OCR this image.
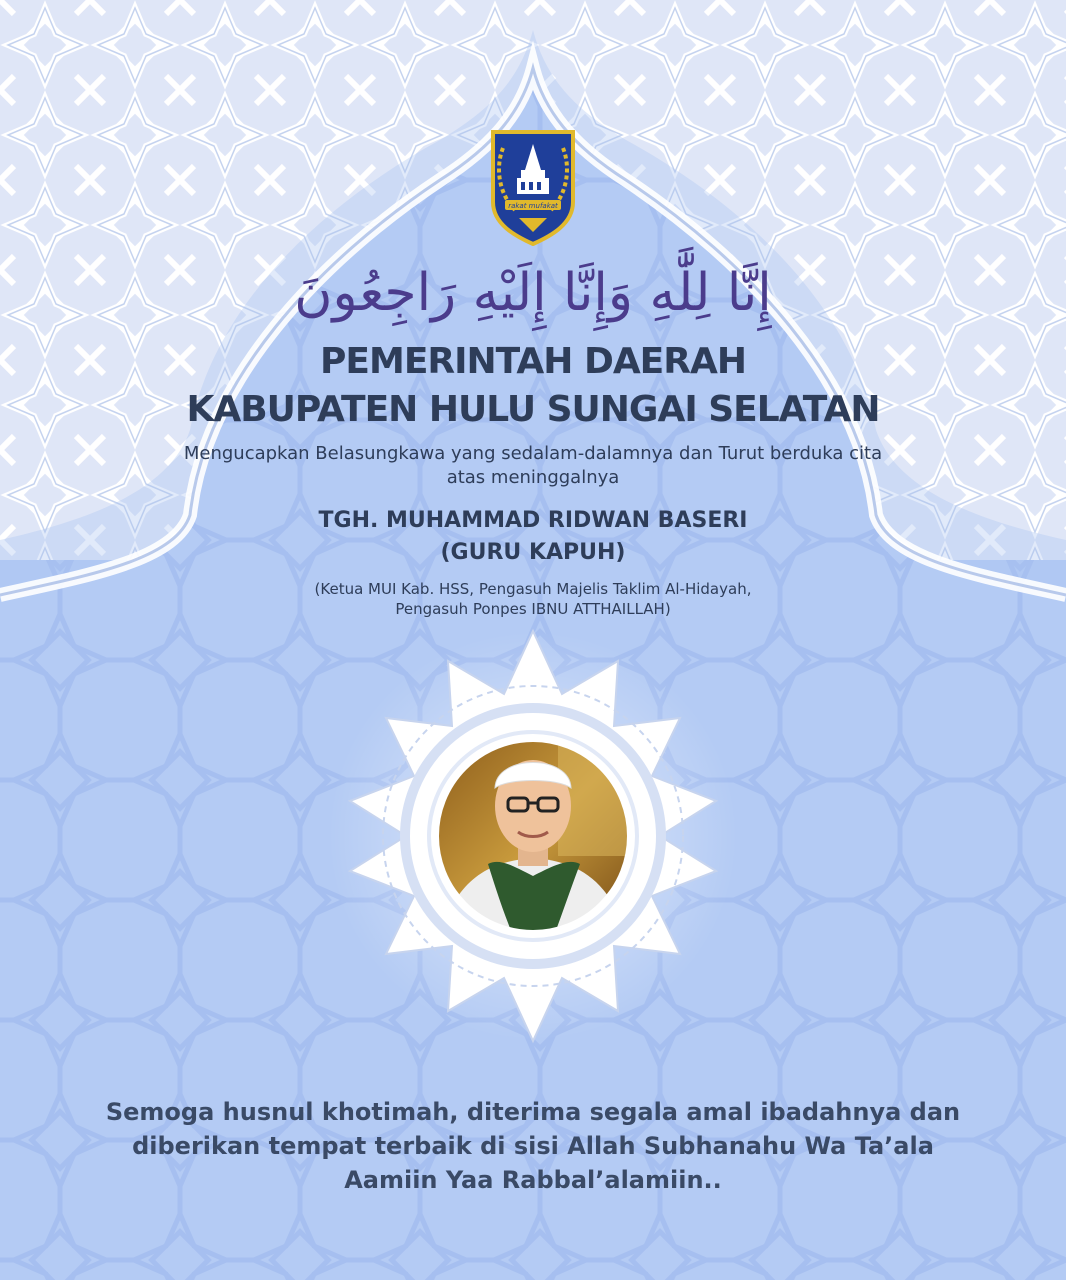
rakat mufakat

إِنَّا لِلَّٰهِ وَإِنَّا إِلَيْهِ رَاجِعُونَ

PEMERINTAH DAERAH

KABUPATEN HULU SUNGAI SELATAN

Mengucapkan Belasungkawa yang sedalam-dalamnya dan Turut berduka cita

atas meninggalnya

TGH. MUHAMMAD RIDWAN BASERI

(GURU KAPUH)

(Ketua MUI Kab. HSS, Pengasuh Majelis Taklim Al-Hidayah,

Pengasuh Ponpes IBNU ATTHAILLAH)

Semoga husnul khotimah, diterima segala amal ibadahnya dan

diberikan tempat terbaik di sisi Allah Subhanahu Wa Ta’ala

Aamiin Yaa Rabbal’alamiin..
